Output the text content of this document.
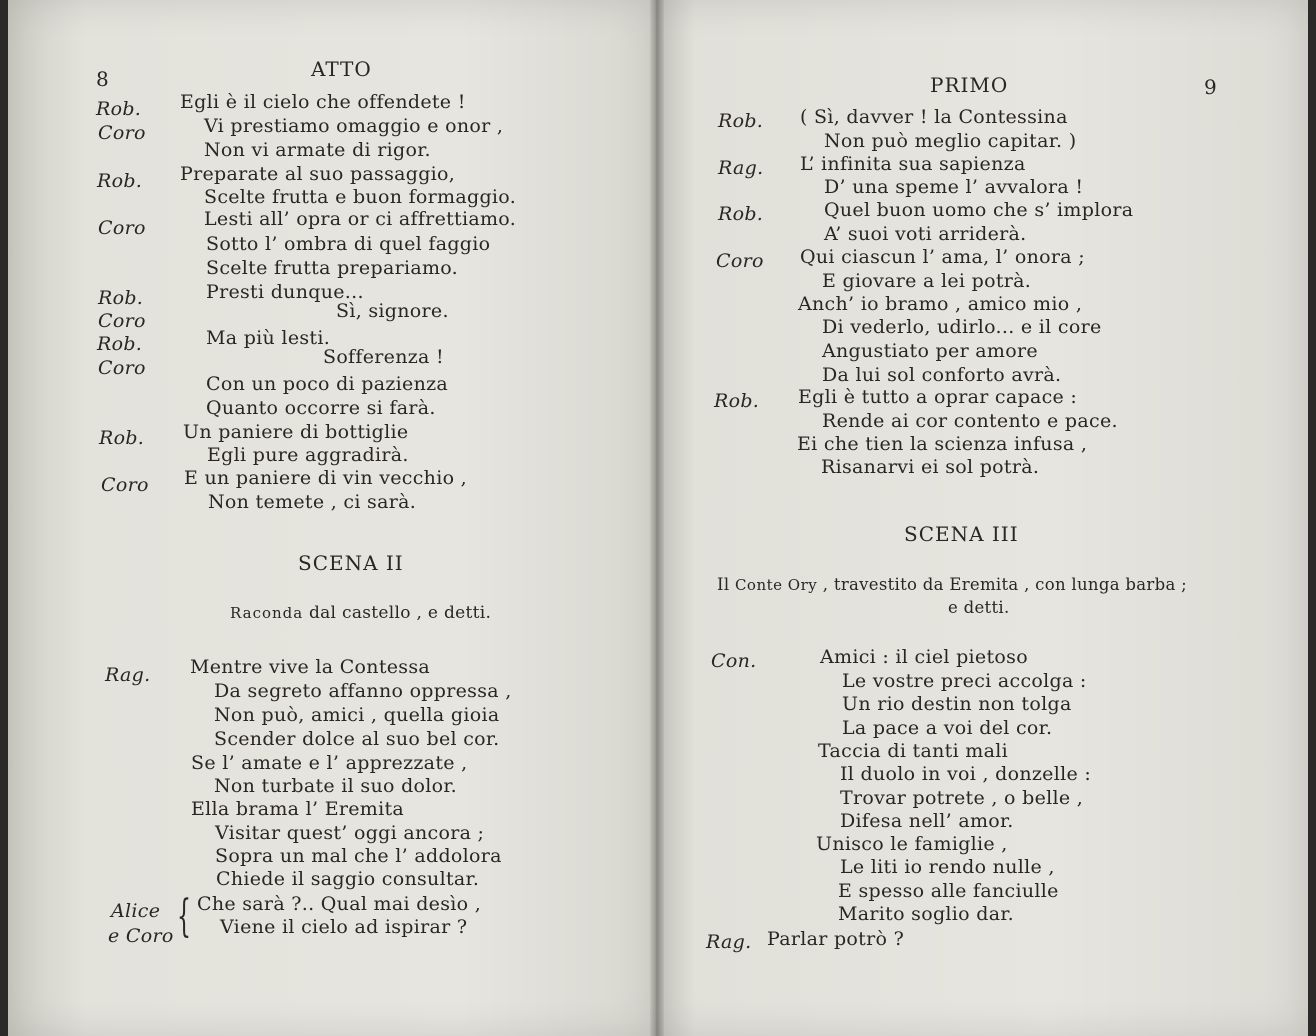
8	ATTO
Rob. Egli è il cielo che offendete !
Coro	Vi prestiamo omaggio e onor ,
Non vi armate di rigor.
Rob. Preparate al suo passaggio,
Scelte frutta e buon formaggio.
Coro	Lesti all’ opra or ci affrettiamo.
Sotto l’ ombra di quel faggio
Scelte frutta prepariamo.
Rob.	Presti dunque...
Coro	Sì, signore.
Rob.	Ma più lesti.
Coro	Sofferenza !
Con un poco di pazienza
Quanto occorre si farà.
Rob. Un paniere di bottiglie
Egli pure aggradirà.
Coro E un paniere di vin vecchio ,
Non temete , ci sarà.
SCENA II
Raconda dal castello , e detti.
Rag. Mentre vive la Contessa
Da segreto affanno oppressa ,
Non può, amici , quella gioia
Scender dolce al suo bel cor.
Se l’ amate e l’ apprezzate ,
Non turbate il suo dolor.
Ella brama l’ Eremita
Visitar quest’ oggi ancora ;
Sopra un mal che l’ addolora
Chiede il saggio consultar.
Alice
e Coro { Che sarà ?.. Qual mai desìo ,
Viene il cielo ad ispirar ?
PRIMO	9
Rob. ( Sì, davver ! la Contessina
Non può meglio capitar. )
Rag. L’ infinita sua sapienza
D’ una speme l’ avvalora !
Rob.	Quel buon uomo che s’ implora
A’ suoi voti arriderà.
Coro Qui ciascun l’ ama, l’ onora ;
E giovare a lei potrà.
Anch’ io bramo , amico mio ,
Di vederlo, udirlo... e il core
Angustiato per amore
Da lui sol conforto avrà.
Rob. Egli è tutto a oprar capace :
Rende ai cor contento e pace.
Ei che tien la scienza infusa ,
Risanarvi ei sol potrà.
SCENA III
Il Conte Ory , travestito da Eremita , con lunga barba ;
e detti.
Con.	Amici : il ciel pietoso
Le vostre preci accolga :
Un rio destin non tolga
La pace a voi del cor.
Taccia di tanti mali
Il duolo in voi , donzelle :
Trovar potrete , o belle ,
Difesa nell’ amor.
Unisco le famiglie ,
Le liti io rendo nulle ,
E spesso alle fanciulle
Marito soglio dar.
Rag. Parlar potrò ?
